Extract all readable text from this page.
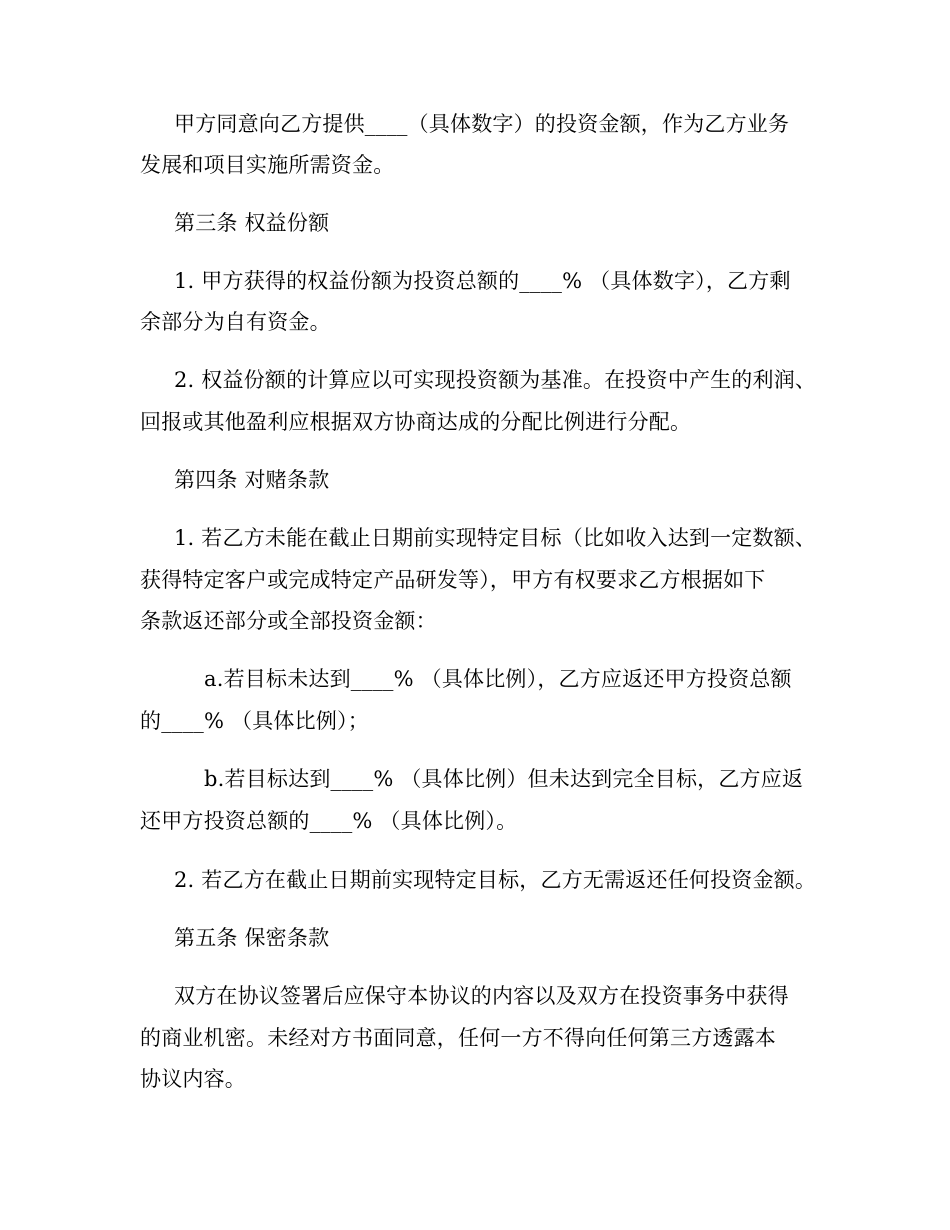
甲方同意向乙方提供____（具体数字）的投资金额，作为乙方业务
发展和项目实施所需资金。
第三条 权益份额
1. 甲方获得的权益份额为投资总额的____% （具体数字），乙方剩
余部分为自有资金。
2. 权益份额的计算应以可实现投资额为基准。在投资中产生的利润、
回报或其他盈利应根据双方协商达成的分配比例进行分配。
第四条 对赌条款
1. 若乙方未能在截止日期前实现特定目标（比如收入达到一定数额、
获得特定客户或完成特定产品研发等），甲方有权要求乙方根据如下
条款返还部分或全部投资金额：
a.若目标未达到____% （具体比例），乙方应返还甲方投资总额
的____% （具体比例）；
b.若目标达到____% （具体比例）但未达到完全目标，乙方应返
还甲方投资总额的____% （具体比例）。
2. 若乙方在截止日期前实现特定目标，乙方无需返还任何投资金额。
第五条 保密条款
双方在协议签署后应保守本协议的内容以及双方在投资事务中获得
的商业机密。未经对方书面同意，任何一方不得向任何第三方透露本
协议内容。
